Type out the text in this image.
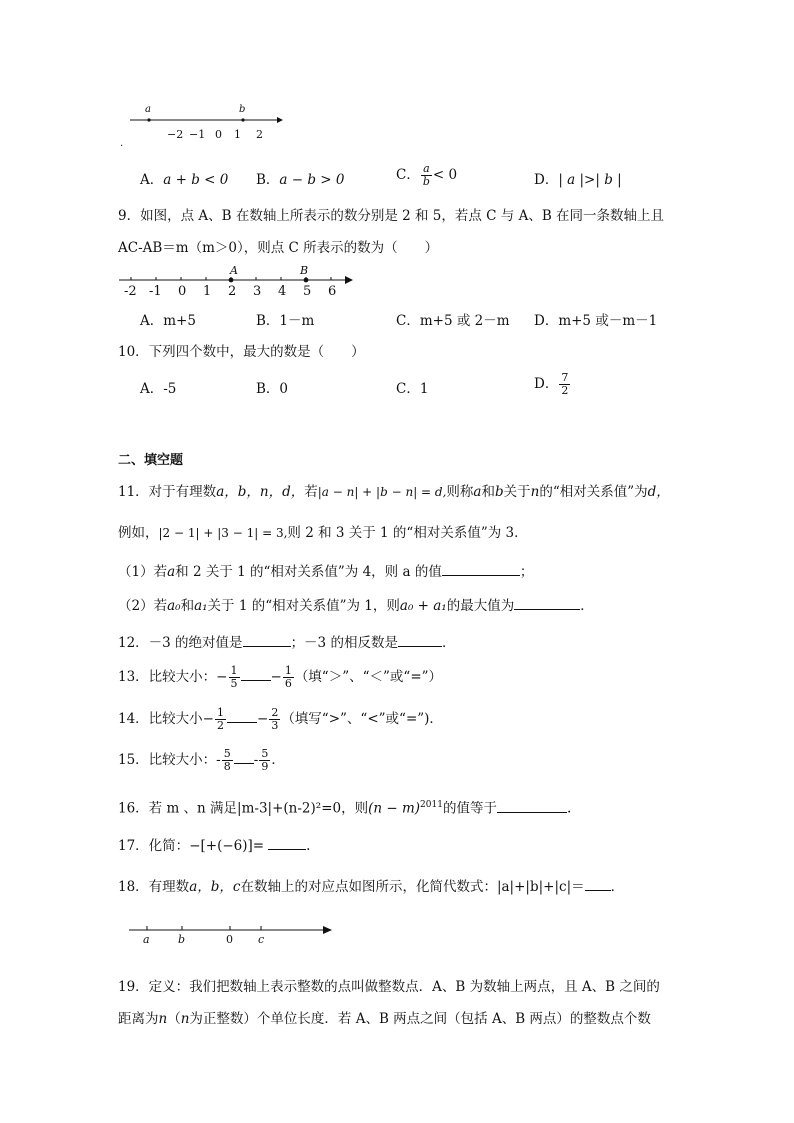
a	b
−2 −1 0 1 2
.
A．a + b < 0 B．a − b > 0	C． $\frac{a}{b} < 0$	D．| a |>| b |
9．如图，点 A、B 在数轴上所表示的数分别是 2 和 5，若点 C 与 A、B 在同一条数轴上且
AC-AB＝m（m＞0），则点 C 所表示的数为（　　）
A	B
-2 -1 0 1 2 3 4 5 6
A．m+5	B．1－m	C．m+5 或 2－m D．m+5 或－m－1
10．下列四个数中，最大的数是（　　）
A．-5	B．0	C．1	D． $\frac{7}{2}$
二、填空题
11．对于有理数a，b，n，d，若|a − n| + |b − n| = d,则称a和b关于n的“相对关系值”为d，
例如，|2 − 1| + |3 − 1| = 3,则 2 和 3 关于 1 的“相对关系值”为 3．
（1）若a和 2 关于 1 的“相对关系值”为 4，则 a 的值	；
（2）若a₀和a₁关于 1 的“相对关系值”为 1，则a₀ + a₁的最大值为	．
12．－3 的绝对值是	；－3 的相反数是	．
13．比较大小：− $\frac{1}{5} - \frac{1}{6}$ （填“＞”、“＜”或“=”）
14．比较大小− $\frac{1}{2} - \frac{2}{3}$ （填写“>”、“<”或“=”)．
15．比较大小：- $\frac{5}{8} - \frac{5}{9}$ ．
16．若 m 、n 满足|m-3|+(n-2)²=0，则$(n - m)^{2011}$的值等于	.
17．化简：−[+(−6)]=	.
18．有理数a，b，c在数轴上的对应点如图所示，化简代数式：|a|+|b|+|c|＝ ．
a	b	0 c
19．定义：我们把数轴上表示整数的点叫做整数点．A、B 为数轴上两点，且 A、B 之间的
距离为n（n为正整数）个单位长度．若 A、B 两点之间（包括 A、B 两点）的整数点个数
